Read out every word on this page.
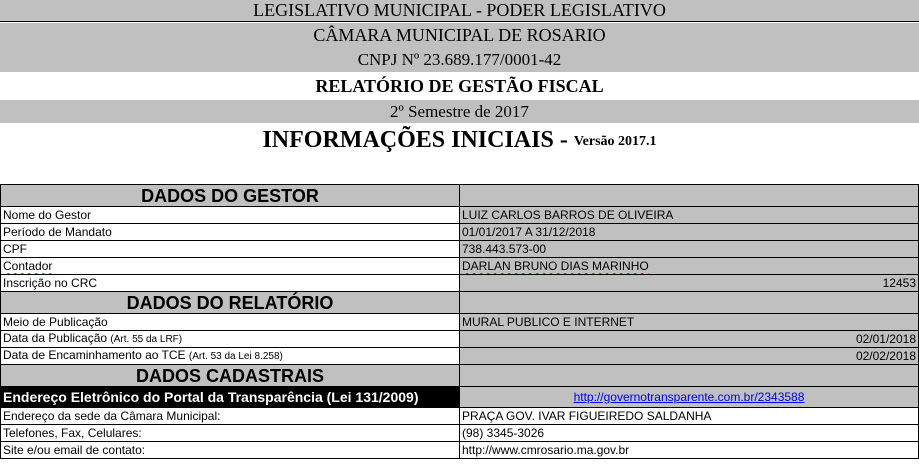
LEGISLATIVO MUNICIPAL - PODER LEGISLATIVO
CÂMARA MUNICIPAL DE ROSARIO
CNPJ Nº 23.689.177/0001-42
RELATÓRIO DE GESTÃO FISCAL
2º Semestre de 2017
INFORMAÇÕES INICIAIS - Versão 2017.1
DADOS DO GESTOR	
Nome do Gestor	LUIZ CARLOS BARROS DE OLIVEIRA
Período de Mandato	01/01/2017 A 31/12/2018
CPF	738.443.573-00
Contador	DARLAN BRUNO DIAS MARINHO
Inscrição no CRC	12453
DADOS DO RELATÓRIO	
Meio de Publicação	MURAL PUBLICO E INTERNET
Data da Publicação (Art. 55 da LRF)	02/01/2018
Data de Encaminhamento ao TCE (Art. 53 da Lei 8.258)	02/02/2018
DADOS CADASTRAIS	
Endereço Eletrônico do Portal da Transparência (Lei 131/2009)	http://governotransparente.com.br/2343588
Endereço da sede da Câmara Municipal:	PRAÇA GOV. IVAR FIGUEIREDO SALDANHA
Telefones, Fax, Celulares:	(98) 3345-3026
Site e/ou email de contato:	http://www.cmrosario.ma.gov.br
